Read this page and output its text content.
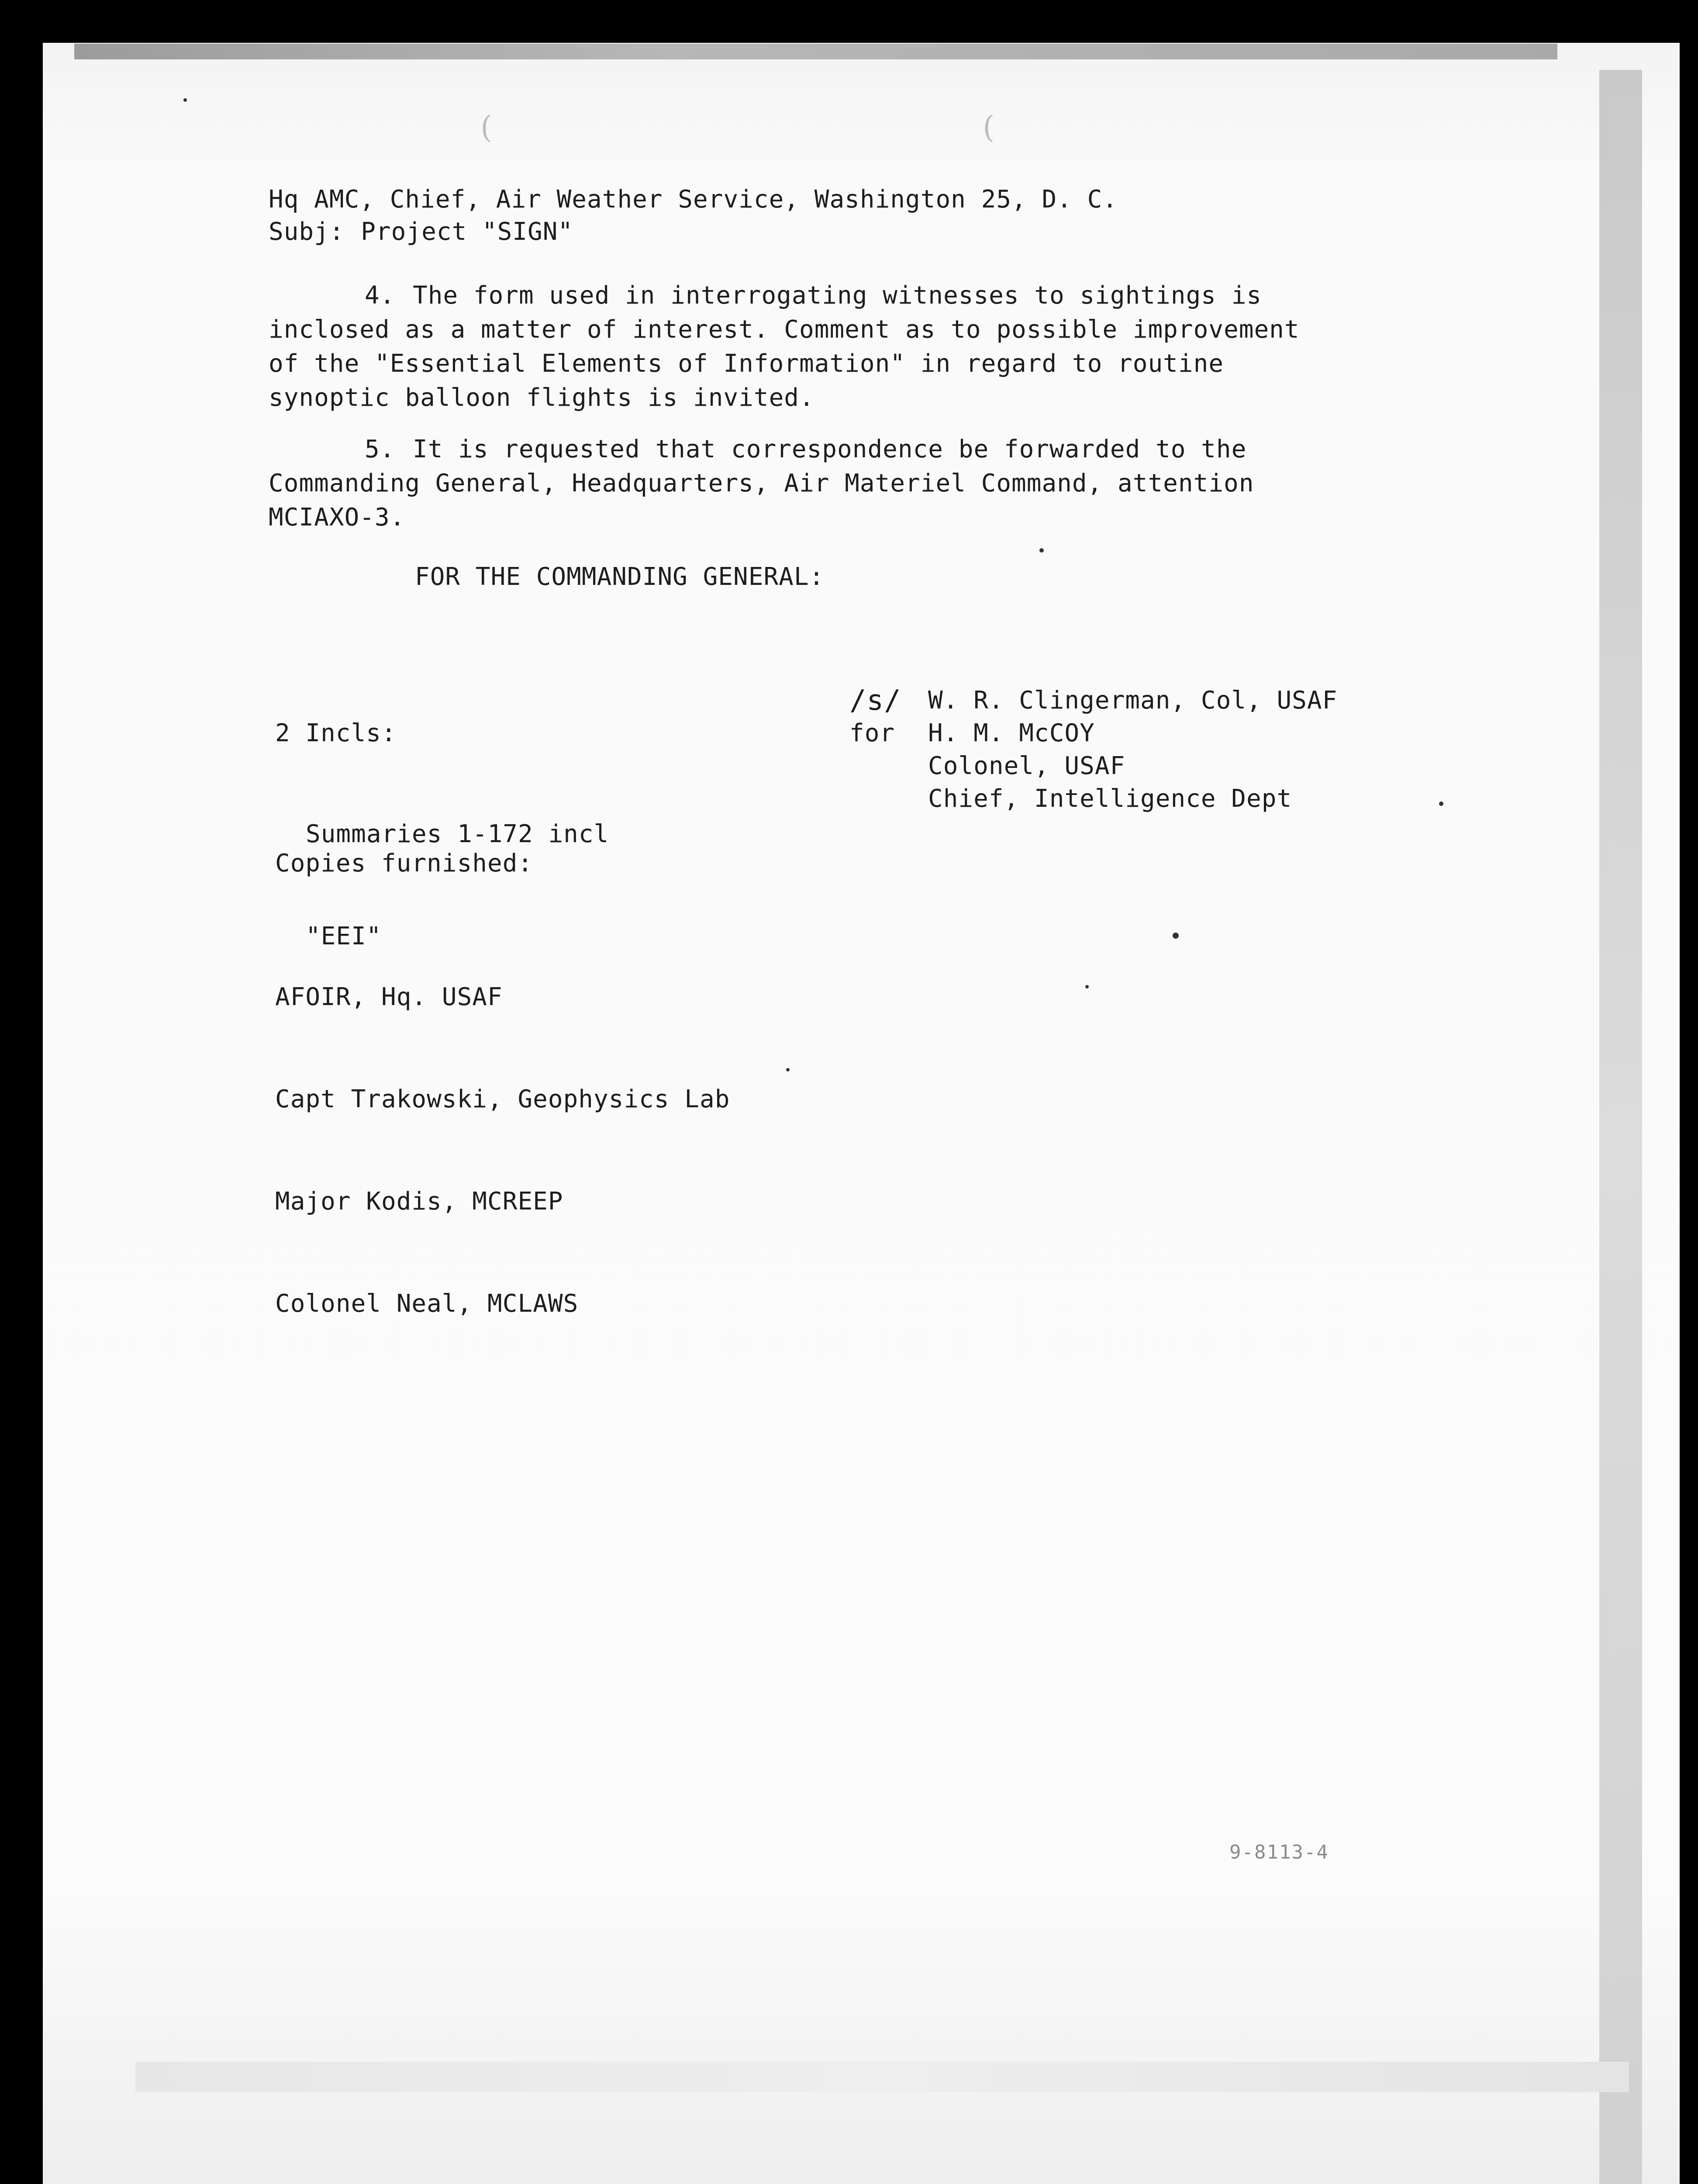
(	(
Hq AMC, Chief, Air Weather Service, Washington 25, D. C.
Subj: Project "SIGN"
4. The form used in interrogating witnesses to sightings is
inclosed as a matter of interest. Comment as to possible improvement
of the "Essential Elements of Information" in regard to routine
synoptic balloon flights is invited.

5. It is requested that correspondence be forwarded to the
Commanding General, Headquarters, Air Materiel Command, attention
MCIAXO-3.

FOR THE COMMANDING GENERAL:
/s/
for
W. R. Clingerman, Col, USAF
H. M. McCOY
Colonel, USAF
Chief, Intelligence Dept
2 Incls:

Summaries 1-172 incl

"EEI"

Copies furnished:

AFOIR, Hq. USAF

Capt Trakowski, Geophysics Lab

Major Kodis, MCREEP

Colonel Neal, MCLAWS

9-8113-4
